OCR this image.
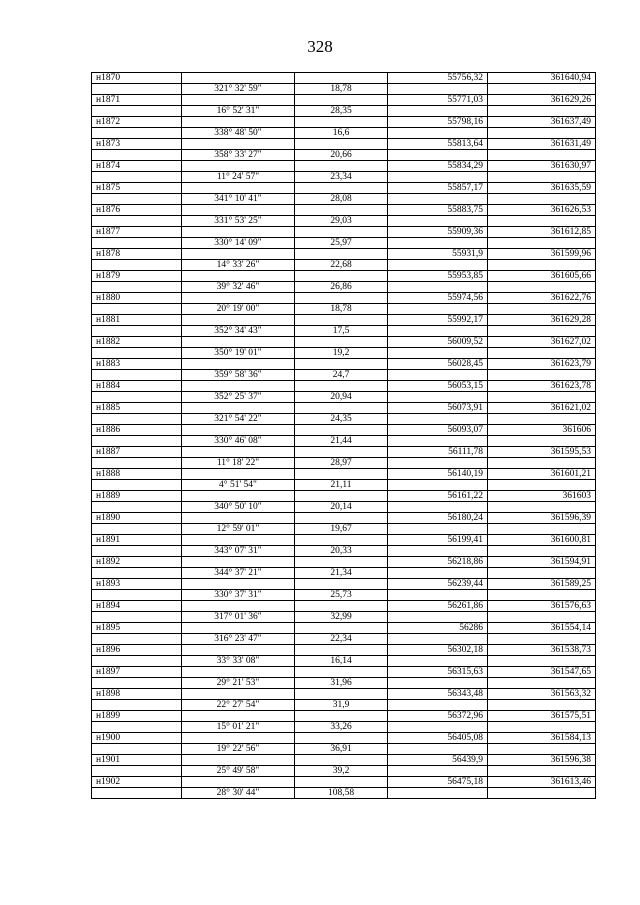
328
н1870			55756,32	361640,94
	321° 32' 59"	18,78		
н1871			55771,03	361629,26
	16° 52' 31"	28,35		
н1872			55798,16	361637,49
	338° 48' 50"	16,6		
н1873			55813,64	361631,49
	358° 33' 27"	20,66		
н1874			55834,29	361630,97
	11° 24' 57"	23,34		
н1875			55857,17	361635,59
	341° 10' 41"	28,08		
н1876			55883,75	361626,53
	331° 53' 25"	29,03		
н1877			55909,36	361612,85
	330° 14' 09"	25,97		
н1878			55931,9	361599,96
	14° 33' 26"	22,68		
н1879			55953,85	361605,66
	39° 32' 46"	26,86		
н1880			55974,56	361622,76
	20° 19' 00"	18,78		
н1881			55992,17	361629,28
	352° 34' 43"	17,5		
н1882			56009,52	361627,02
	350° 19' 01"	19,2		
н1883			56028,45	361623,79
	359° 58' 36"	24,7		
н1884			56053,15	361623,78
	352° 25' 37"	20,94		
н1885			56073,91	361621,02
	321° 54' 22"	24,35		
н1886			56093,07	361606
	330° 46' 08"	21,44		
н1887			56111,78	361595,53
	11° 18' 22"	28,97		
н1888			56140,19	361601,21
	4° 51' 54"	21,11		
н1889			56161,22	361603
	340° 50' 10"	20,14		
н1890			56180,24	361596,39
	12° 59' 01"	19,67		
н1891			56199,41	361600,81
	343° 07' 31"	20,33		
н1892			56218,86	361594,91
	344° 37' 21"	21,34		
н1893			56239,44	361589,25
	330° 37' 31"	25,73		
н1894			56261,86	361576,63
	317° 01' 36"	32,99		
н1895			56286	361554,14
	316° 23' 47"	22,34		
н1896			56302,18	361538,73
	33° 33' 08"	16,14		
н1897			56315,63	361547,65
	29° 21' 53"	31,96		
н1898			56343,48	361563,32
	22° 27' 54"	31,9		
н1899			56372,96	361575,51
	15° 01' 21"	33,26		
н1900			56405,08	361584,13
	19° 22' 56"	36,91		
н1901			56439,9	361596,38
	25° 49' 58"	39,2		
н1902			56475,18	361613,46
	28° 30' 44"	108,58		
